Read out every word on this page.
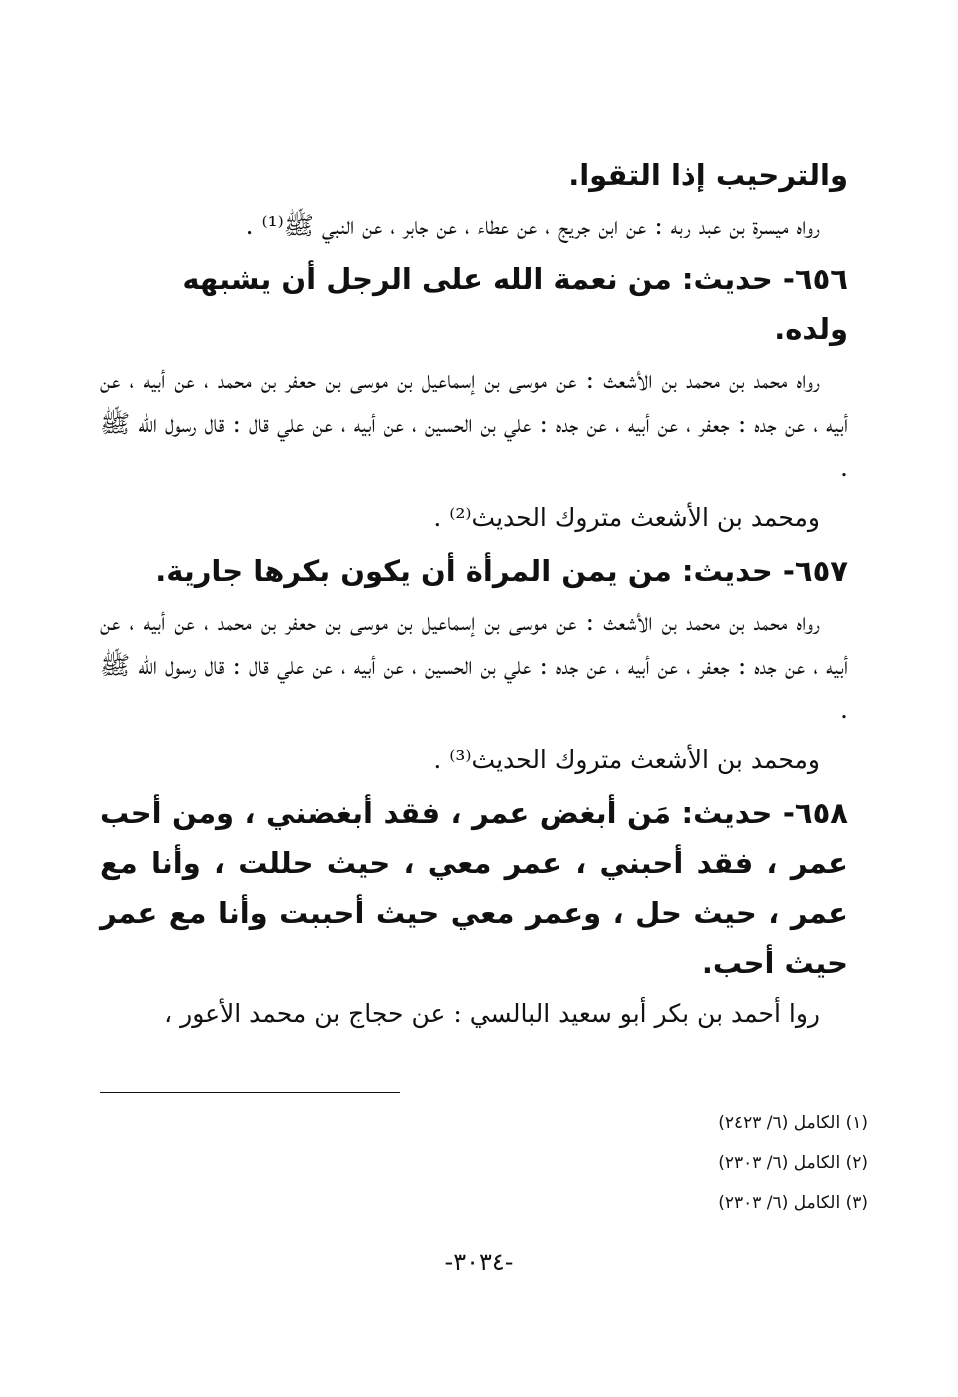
والترحيب إذا التقوا.

رواه ميسرة بن عبد ربه : عن ابن جريج ، عن عطاء ، عن جابر ، عن النبي ﷺ⁽¹⁾ .

٦٥٦- حديث: من نعمة الله على الرجل أن يشبهه ولده.

رواه محمد بن محمد بن الأشعث : عن موسى بن إسماعيل بن موسى بن حعفر بن محمد ، عن أبيه ، عن أبيه ، عن جده : جعفر ، عن أبيه ، عن جده : علي بن الحسين ، عن أبيه ، عن علي قال : قال رسول الله ﷺ .

ومحمد بن الأشعث متروك الحديث⁽²⁾ .

٦٥٧- حديث: من يمن المرأة أن يكون بكرها جارية.

رواه محمد بن محمد بن الأشعث : عن موسى بن إسماعيل بن موسى بن حعفر بن محمد ، عن أبيه ، عن أبيه ، عن جده : جعفر ، عن أبيه ، عن جده : علي بن الحسين ، عن أبيه ، عن علي قال : قال رسول الله ﷺ .

ومحمد بن الأشعث متروك الحديث⁽³⁾ .

٦٥٨- حديث: مَن أبغض عمر ، فقد أبغضني ، ومن أحب عمر ، فقد أحبني ، عمر معي ، حيث حللت ، وأنا مع عمر ، حيث حل ، وعمر معي حيث أحببت وأنا مع عمر حيث أحب.

روا أحمد بن بكر أبو سعيد البالسي : عن حجاج بن محمد الأعور ،

(١) الكامل (٦/ ٢٤٢٣)

(٢) الكامل (٦/ ٢٣٠٣)

(٣) الكامل (٦/ ٢٣٠٣)

-٣٠٣٤-
